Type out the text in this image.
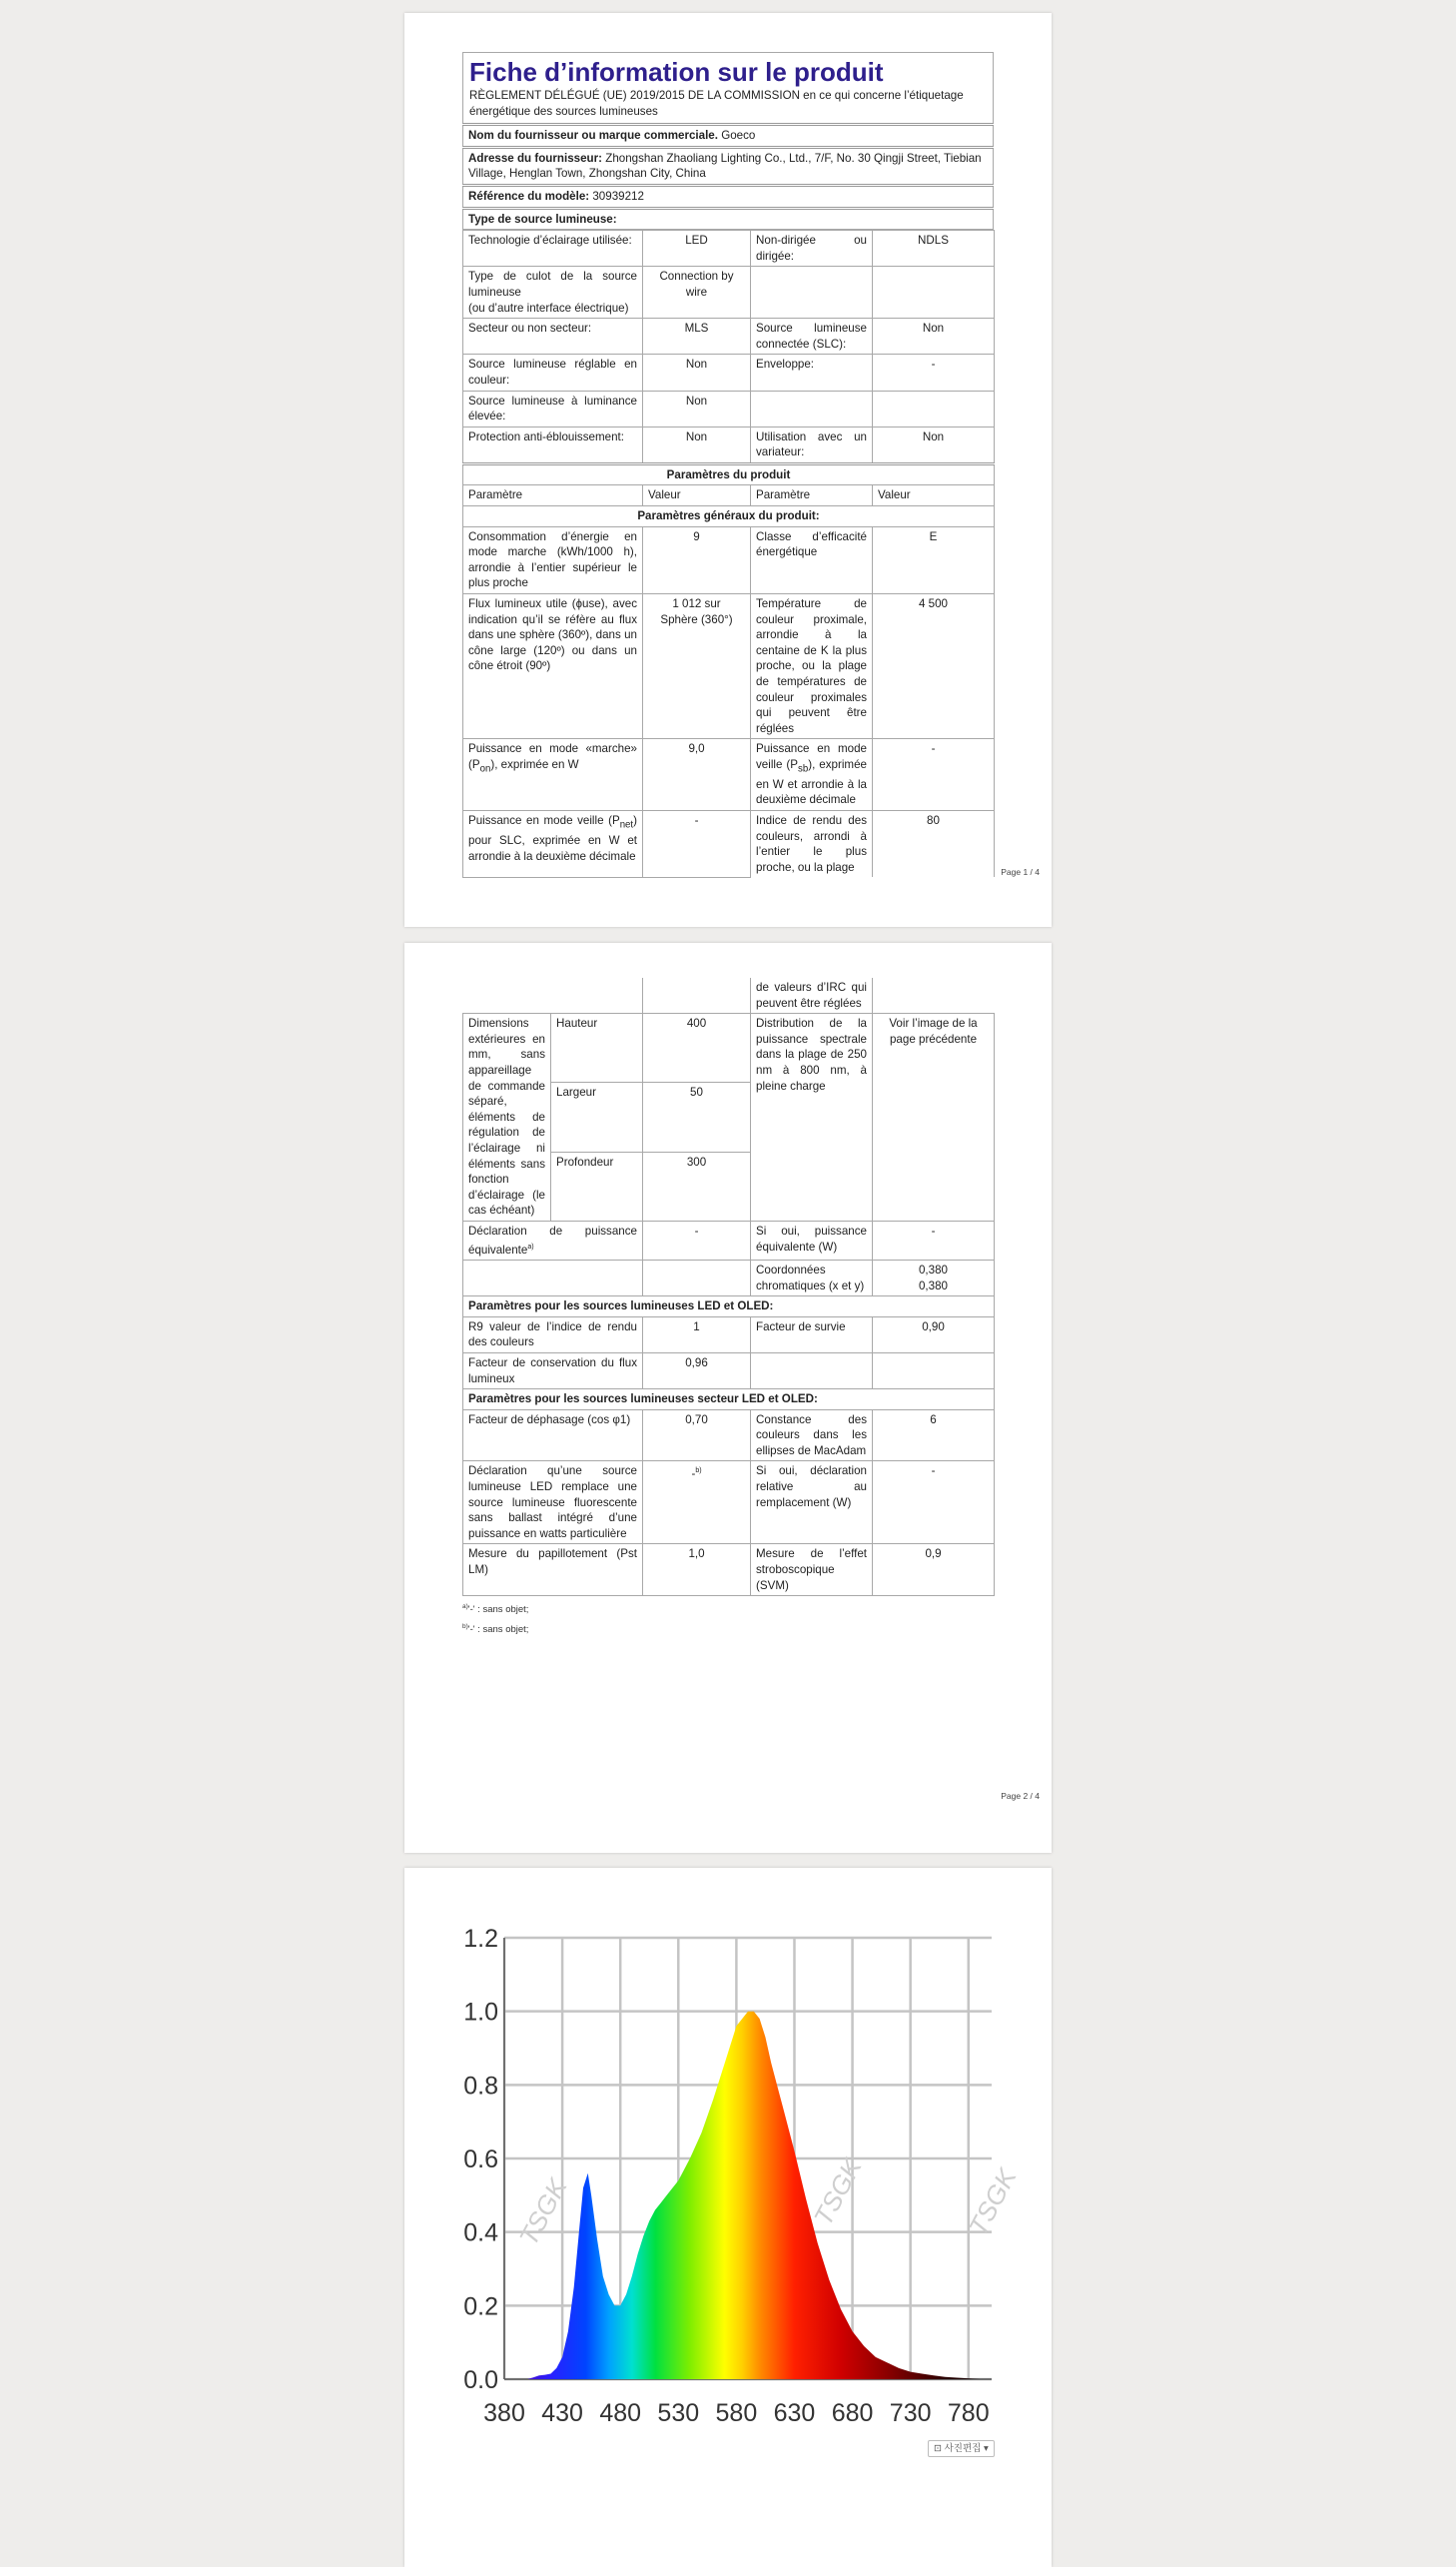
Fiche d’information sur le produit
RÈGLEMENT DÉLÉGUÉ (UE) 2019/2015 DE LA COMMISSION en ce qui concerne l’étiquetage énergétique des sources lumineuses

Nom du fournisseur ou marque commerciale. Goeco
Adresse du fournisseur: Zhongshan Zhaoliang Lighting Co., Ltd., 7/F, No. 30 Qingji Street, Tiebian Village, Henglan Town, Zhongshan City, China
Référence du modèle: 30939212
Type de source lumineuse:
Technologie d’éclairage utilisée:	LED	Non-dirigée ou dirigée:	NDLS

Type de culot de la source lumineuse
(ou d’autre interface électrique)	Connection by wire		
Secteur ou non secteur:	MLS	Source lumineuse connectée (SLC):	Non
Source lumineuse réglable en couleur:	Non	Enveloppe:	-
Source lumineuse à luminance élevée:	Non		
Protection anti-éblouissement:	Non	Utilisation avec un variateur:	Non
Paramètres du produit			
Paramètre	Valeur	Paramètre	Valeur
Paramètres généraux du produit:			
Consommation d’énergie en mode marche (kWh/1000 h), arrondie à l’entier supérieur le plus proche	9	Classe d’efficacité énergétique	E
Flux lumineux utile (ɸuse), avec indication qu’il se réfère au flux dans une sphère (360º), dans un cône large (120º) ou dans un cône étroit (90º)	1 012 sur Sphère (360°)	Température de couleur proximale, arrondie à la centaine de K la plus proche, ou la plage de températures de couleur proximales qui peuvent être réglées	4 500
Puissance en mode «marche» $(P_{on})$, exprimée en W	9,0	Puissance en mode veille $(P_{sb})$, exprimée en W et arrondie à la deuxième décimale	-
Puissance en mode veille $(P_{net})$ pour SLC, exprimée en W et arrondie à la deuxième décimale	-	Indice de rendu des couleurs, arrondi à l’entier le plus proche, ou la plage	80
Page 1 / 4
			de valeurs d’IRC qui peuvent être réglées	
Dimensions extérieures en mm, sans appareillage de commande séparé, éléments de régulation de l’éclairage ni éléments sans fonction d’éclairage (le cas échéant)	Hauteur	400	Distribution de la puissance spectrale dans la plage de 250 nm à 800 nm, à pleine charge	Voir l’image de la page précédente
	Largeur	50		
	Profondeur	300		
Déclaration de puissance équivalente$^{a)}$		-	Si oui, puissance équivalente (W)	-
			Coordonnées chromatiques (x et y)	0,380
0,380

Paramètres pour les sources lumineuses LED et OLED:				
R9 valeur de l’indice de rendu des couleurs		1	Facteur de survie	0,90
Facteur de conservation du flux lumineux		0,96		
Paramètres pour les sources lumineuses secteur LED et OLED:				
Facteur de déphasage (cos φ1)		0,70	Constance des couleurs dans les ellipses de MacAdam	6
Déclaration qu’une source lumineuse LED remplace une source lumineuse fluorescente sans ballast intégré d’une puissance en watts particulière		-$^{b)}$	Si oui, déclaration relative au remplacement (W)	-
Mesure du papillotement (Pst LM)		1,0	Mesure de l’effet stroboscopique (SVM)	0,9
$^{a)}$'-' : sans objet;
$^{b)}$'-' : sans objet;
Page 2 / 4
TSGK	TSGK	TSGK
380 430 480 530 580 630 680 730 780
1.2
1.0
0.8
0.6
0.4
0.2
0.0
⊡ 사진편집 ▾
